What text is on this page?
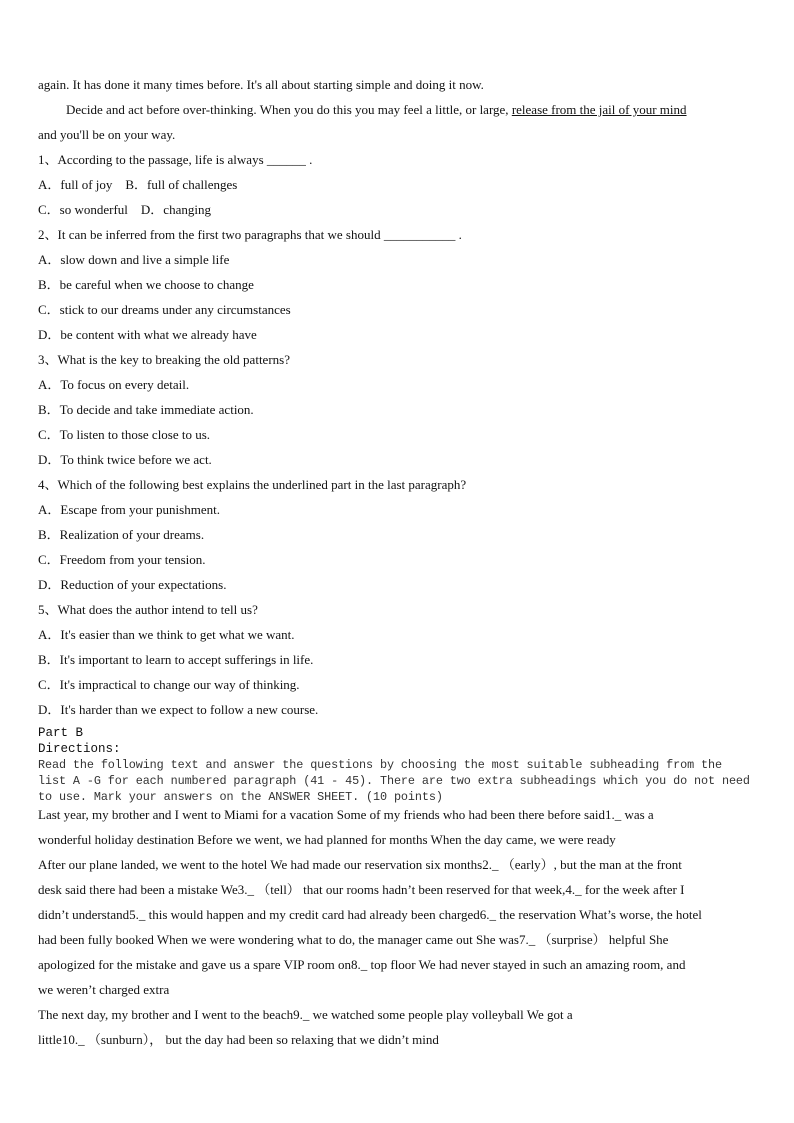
again. It has done it many times before. It's all about starting simple and doing it now.
Decide and act before over-thinking. When you do this you may feel a little, or large, release from the jail of your mind
and you'll be on your way.
1、According to the passage, life is always ______ .
A．full of joy    B．full of challenges
C．so wonderful    D．changing
2、It can be inferred from the first two paragraphs that we should ___________ .
A．slow down and live a simple life
B．be careful when we choose to change
C．stick to our dreams under any circumstances
D．be content with what we already have
3、What is the key to breaking the old patterns?
A．To focus on every detail.
B．To decide and take immediate action.
C．To listen to those close to us.
D．To think twice before we act.
4、Which of the following best explains the underlined part in the last paragraph?
A．Escape from your punishment.
B．Realization of your dreams.
C．Freedom from your tension.
D．Reduction of your expectations.
5、What does the author intend to tell us?
A．It's easier than we think to get what we want.
B．It's important to learn to accept sufferings in life.
C．It's impractical to change our way of thinking.
D．It's harder than we expect to follow a new course.
Part B
Directions:
Read the following text and answer the questions by choosing the most suitable subheading from the
list A -G for each numbered paragraph (41 - 45). There are two extra subheadings which you do not need
to use. Mark your answers on the ANSWER SHEET. (10 points)
Last year, my brother and I went to Miami for a vacation Some of my friends who had been there before said1._ was a
wonderful holiday destination Before we went, we had planned for months When the day came, we were ready
After our plane landed, we went to the hotel We had made our reservation six months2._ （early）, but the man at the front
desk said there had been a mistake We3._ （tell） that our rooms hadn’t been reserved for that week,4._ for the week after I
didn’t understand5._ this would happen and my credit card had already been charged6._ the reservation What’s worse, the hotel
had been fully booked When we were wondering what to do, the manager came out She was7._ （surprise） helpful She
apologized for the mistake and gave us a spare VIP room on8._ top floor We had never stayed in such an amazing room, and
we weren’t charged extra
The next day, my brother and I went to the beach9._ we watched some people play volleyball We got a
little10._ （sunburn）， but the day had been so relaxing that we didn’t mind
